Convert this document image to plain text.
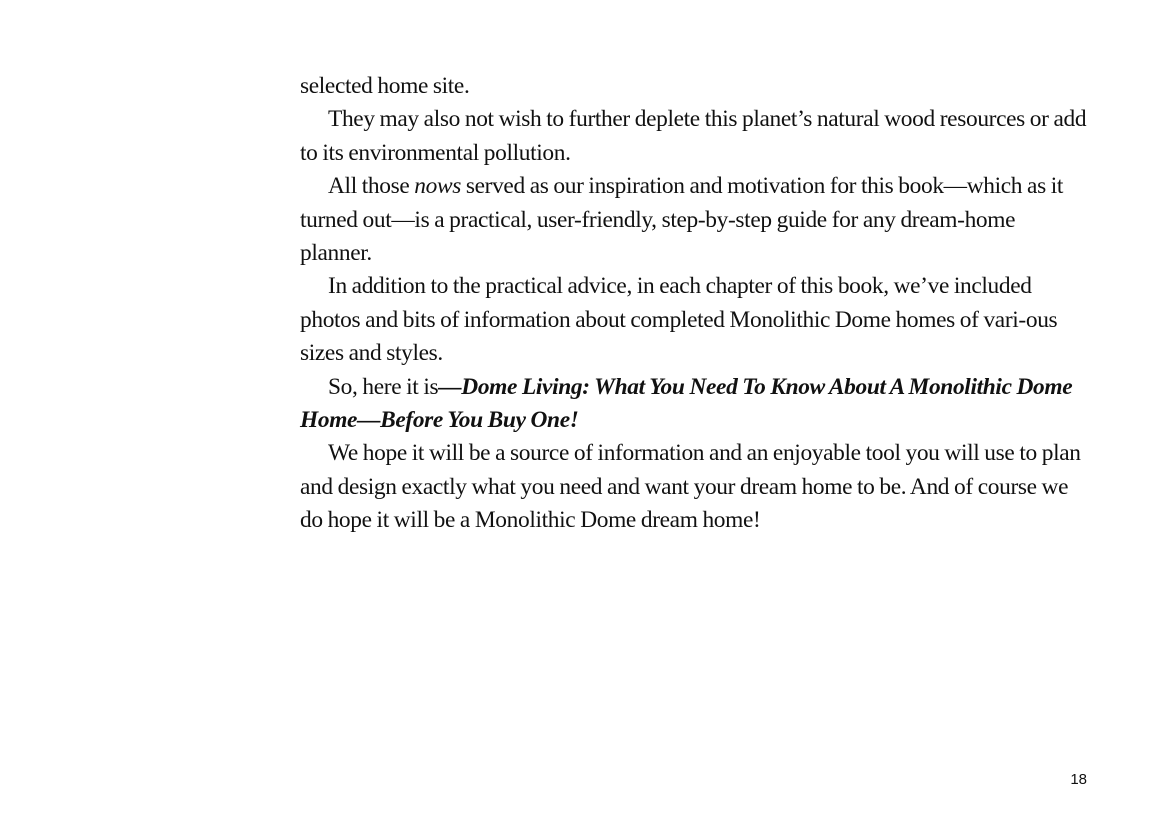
selected home site.

They may also not wish to further deplete this planet’s natural wood resources or add to its environmental pollution.

All those nows served as our inspiration and motivation for this book—which as it turned out—is a practical, user-friendly, step-by-step guide for any dream-home planner.

In addition to the practical advice, in each chapter of this book, we’ve included photos and bits of information about completed Monolithic Dome homes of vari-ous sizes and styles.

So, here it is—Dome Living: What You Need To Know About A Monolithic Dome Home—Before You Buy One!

We hope it will be a source of information and an enjoyable tool you will use to plan and design exactly what you need and want your dream home to be. And of course we do hope it will be a Monolithic Dome dream home!

18
